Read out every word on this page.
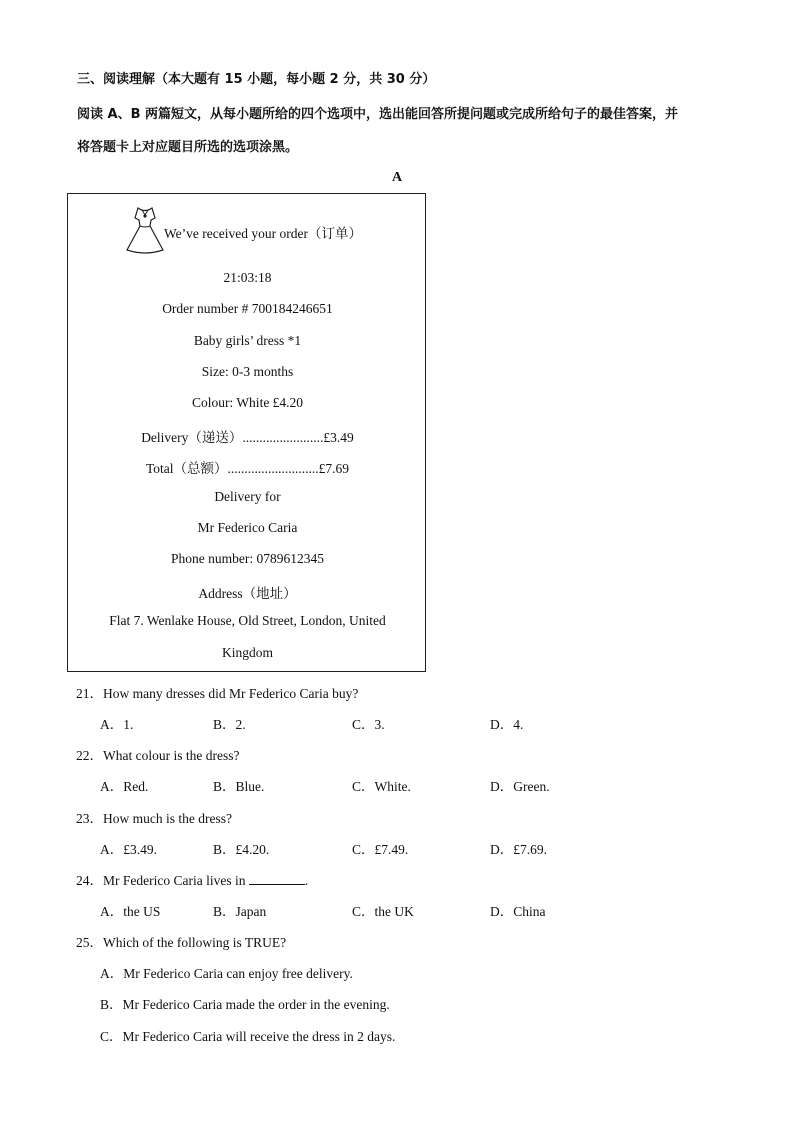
三、阅读理解（本大题有 15 小题，每小题 2 分，共 30 分）
阅读 A、B 两篇短文，从每小题所给的四个选项中，选出能回答所提问题或完成所给句子的最佳答案，并
将答题卡上对应题目所选的选项涂黑。
A
We’ve received your order（订单）
21:03:18
Order number # 700184246651
Baby girls’ dress *1
Size: 0-3 months
Colour: White £4.20
Delivery（递送）........................£3.49
Total（总额）...........................£7.69
Delivery for
Mr Federico Caria
Phone number: 0789612345
Address（地址）
Flat 7. Wenlake House, Old Street, London, United
Kingdom
21．How many dresses did Mr Federico Caria buy?
A．1.	B．2.	C．3.	D．4.
22．What colour is the dress?
A．Red.	B．Blue.	C．White.	D．Green.
23．How much is the dress?
A．£3.49.	B．£4.20.	C．£7.49.	D．£7.69.
24．Mr Federico Caria lives in	.
A．the US	B．Japan	C．the UK	D．China
25．Which of the following is TRUE?
A．Mr Federico Caria can enjoy free delivery.
B．Mr Federico Caria made the order in the evening.
C．Mr Federico Caria will receive the dress in 2 days.
